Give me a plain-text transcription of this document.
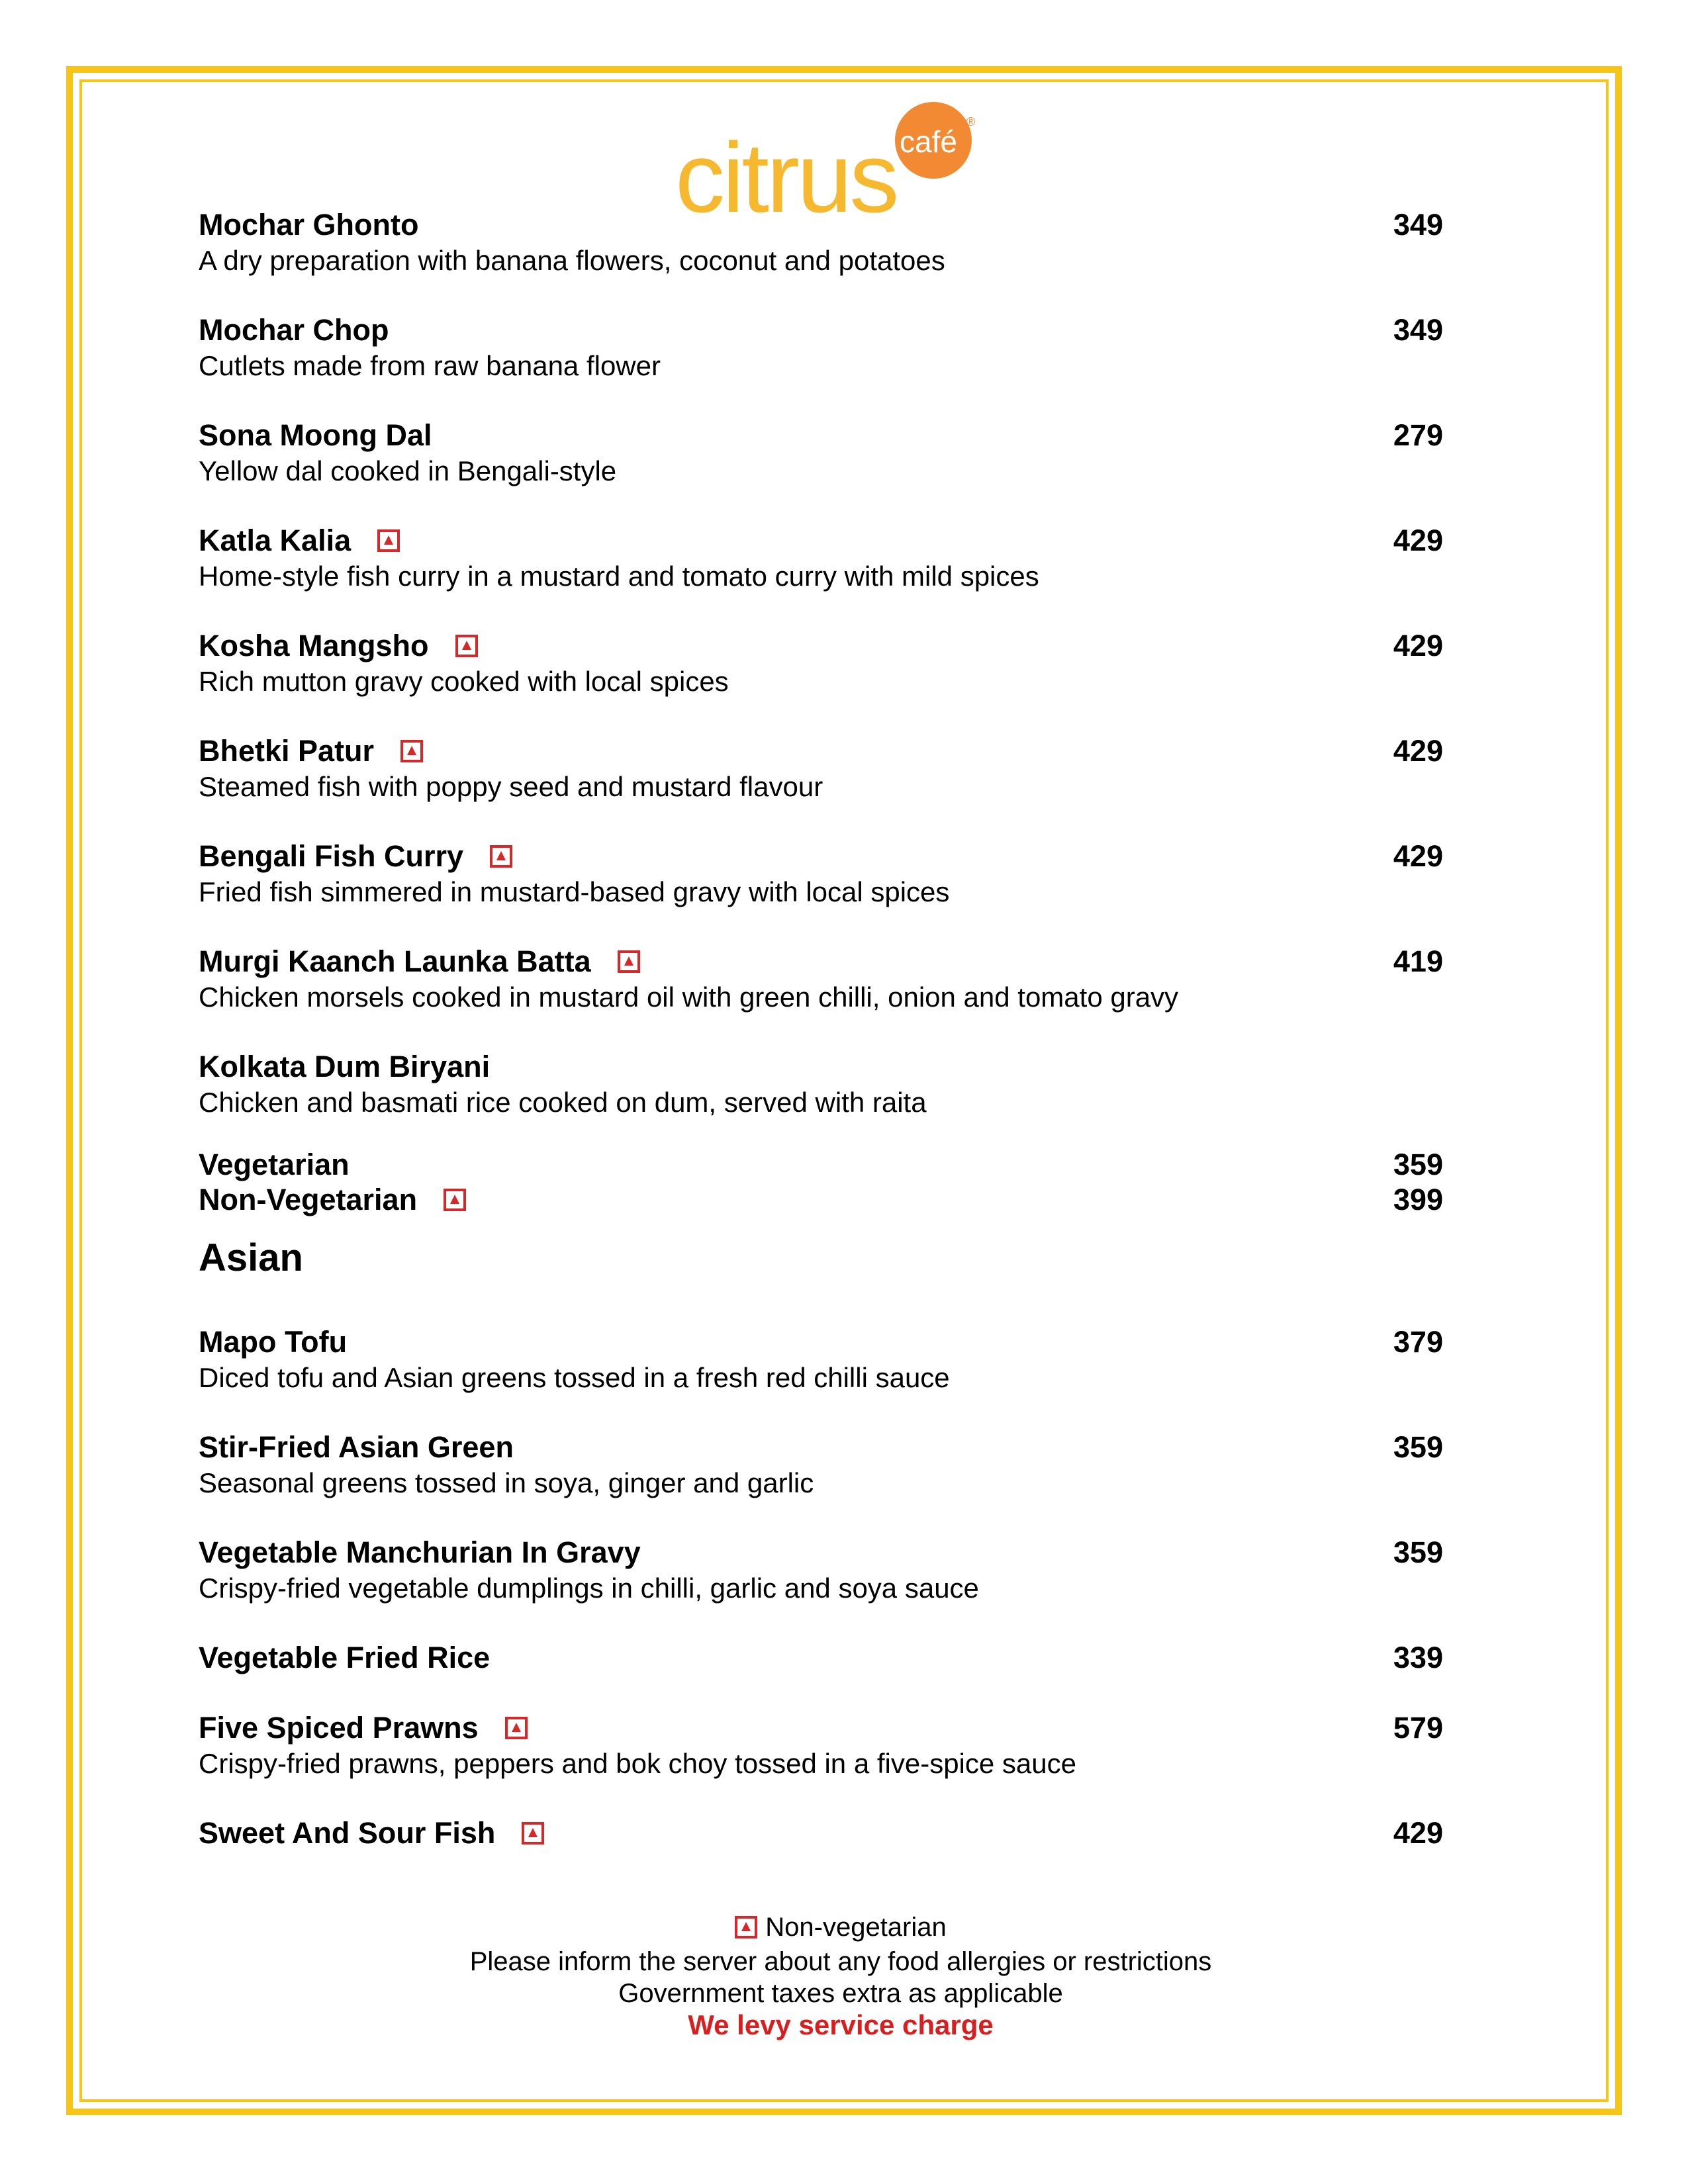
café
®
citrus
Mochar Ghonto
A dry preparation with banana flowers, coconut and potatoes
349
Mochar Chop
Cutlets made from raw banana flower
349
Sona Moong Dal
Yellow dal cooked in Bengali-style
279
Katla Kalia
Home-style fish curry in a mustard and tomato curry with mild spices
429
Kosha Mangsho
Rich mutton gravy cooked with local spices
429
Bhetki Patur
Steamed fish with poppy seed and mustard flavour
429
Bengali Fish Curry
Fried fish simmered in mustard-based gravy with local spices
429
Murgi Kaanch Launka Batta
Chicken morsels cooked in mustard oil with green chilli, onion and tomato gravy
419
Kolkata Dum Biryani
Chicken and basmati rice cooked on dum, served with raita
Vegetarian	359
Non-Vegetarian	399
Asian
Mapo Tofu
Diced tofu and Asian greens tossed in a fresh red chilli sauce
379
Stir-Fried Asian Green
Seasonal greens tossed in soya, ginger and garlic
359
Vegetable Manchurian In Gravy
Crispy-fried vegetable dumplings in chilli, garlic and soya sauce
359
Vegetable Fried Rice	339
Five Spiced Prawns
Crispy-fried prawns, peppers and bok choy tossed in a five-spice sauce
579
Sweet And Sour Fish	429
Non-vegetarian
Please inform the server about any food allergies or restrictions
Government taxes extra as applicable
We levy service charge
